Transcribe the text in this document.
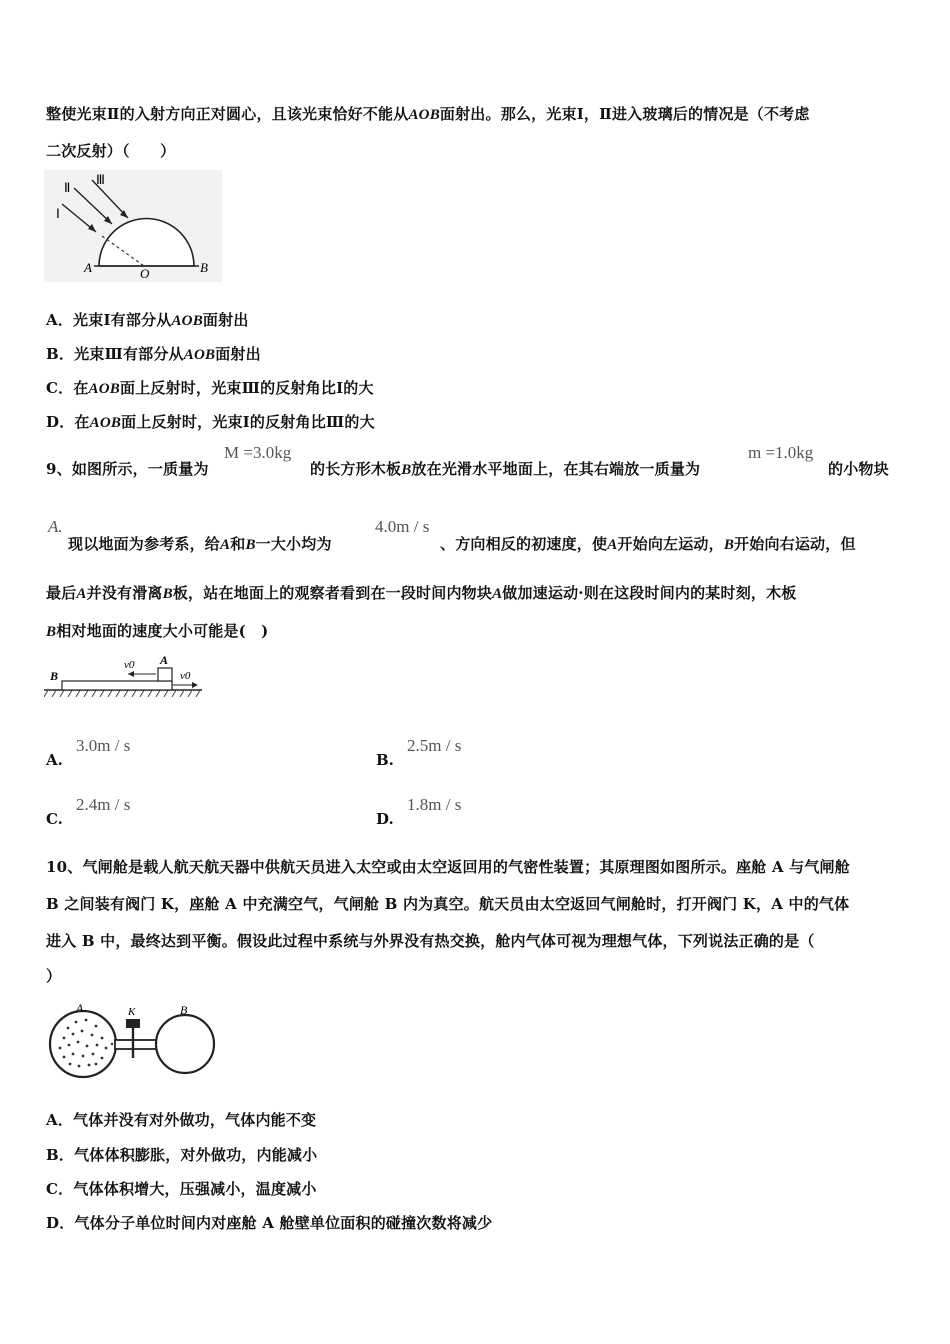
整使光束Ⅱ的入射方向正对圆心，且该光束恰好不能从AOB面射出。那么，光束Ⅰ，Ⅱ进入玻璃后的情况是（不考虑
二次反射）（　　）
Ⅱ
Ⅲ
Ⅰ
A	O	B
A．光束Ⅰ有部分从AOB面射出
B．光束Ⅲ有部分从AOB面射出
C．在AOB面上反射时，光束Ⅲ的反射角比Ⅰ的大
D．在AOB面上反射时，光束Ⅰ的反射角比Ⅲ的大
9、如图所示，一质量为
M =3.0kg
的长方形木板B放在光滑水平地面上，在其右端放一质量为
m =1.0kg
的小物块
A.
现以地面为参考系，给A和B一大小均为
4.0m / s
、方向相反的初速度，使A开始向左运动，B开始向右运动，但
最后A并没有滑离B板，站在地面上的观察者看到在一段时间内物块A做加速运动·则在这段时间内的某时刻，木板
B相对地面的速度大小可能是(　)
B
v0 A
v0
A.
3.0m / s
B.
2.5m / s
C.
2.4m / s
D.
1.8m / s
10、气闸舱是载人航天航天器中供航天员进入太空或由太空返回用的气密性装置；其原理图如图所示。座舱 A 与气闸舱
B 之间装有阀门 K，座舱 A 中充满空气，气闸舱 B 内为真空。航天员由太空返回气闸舱时，打开阀门 K，A 中的气体
进入 B 中，最终达到平衡。假设此过程中系统与外界没有热交换，舱内气体可视为理想气体，下列说法正确的是（
）
A	K	B
A．气体并没有对外做功，气体内能不变
B．气体体积膨胀，对外做功，内能减小
C．气体体积增大，压强减小，温度减小
D．气体分子单位时间内对座舱 A 舱壁单位面积的碰撞次数将减少
